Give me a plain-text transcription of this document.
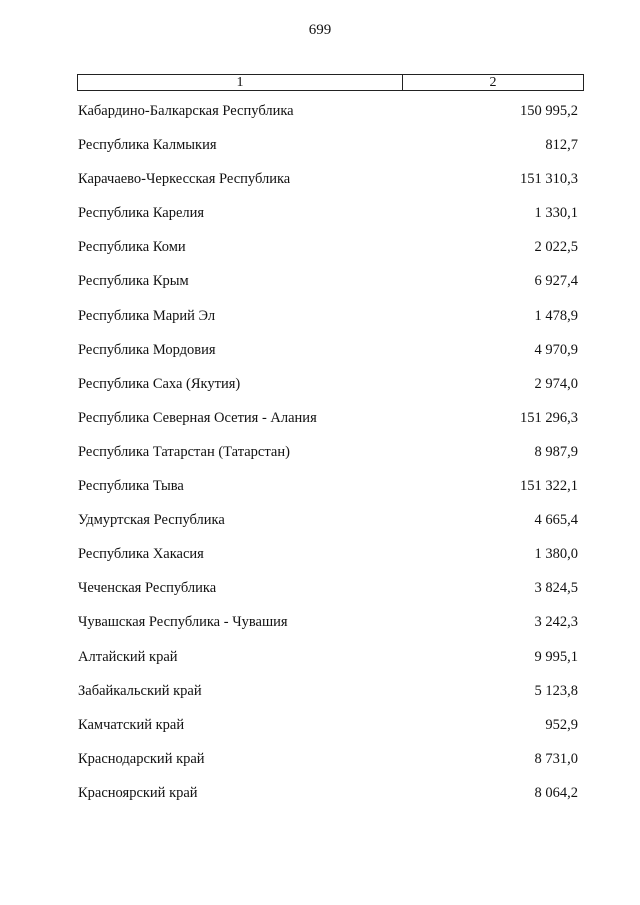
699
1	2
Кабардино-Балкарская Республика	150 995,2
Республика Калмыкия	812,7
Карачаево-Черкесская Республика	151 310,3
Республика Карелия	1 330,1
Республика Коми	2 022,5
Республика Крым	6 927,4
Республика Марий Эл	1 478,9
Республика Мордовия	4 970,9
Республика Саха (Якутия)	2 974,0
Республика Северная Осетия - Алания	151 296,3
Республика Татарстан (Татарстан)	8 987,9
Республика Тыва	151 322,1
Удмуртская Республика	4 665,4
Республика Хакасия	1 380,0
Чеченская Республика	3 824,5
Чувашская Республика - Чувашия	3 242,3
Алтайский край	9 995,1
Забайкальский край	5 123,8
Камчатский край	952,9
Краснодарский край	8 731,0
Красноярский край	8 064,2
